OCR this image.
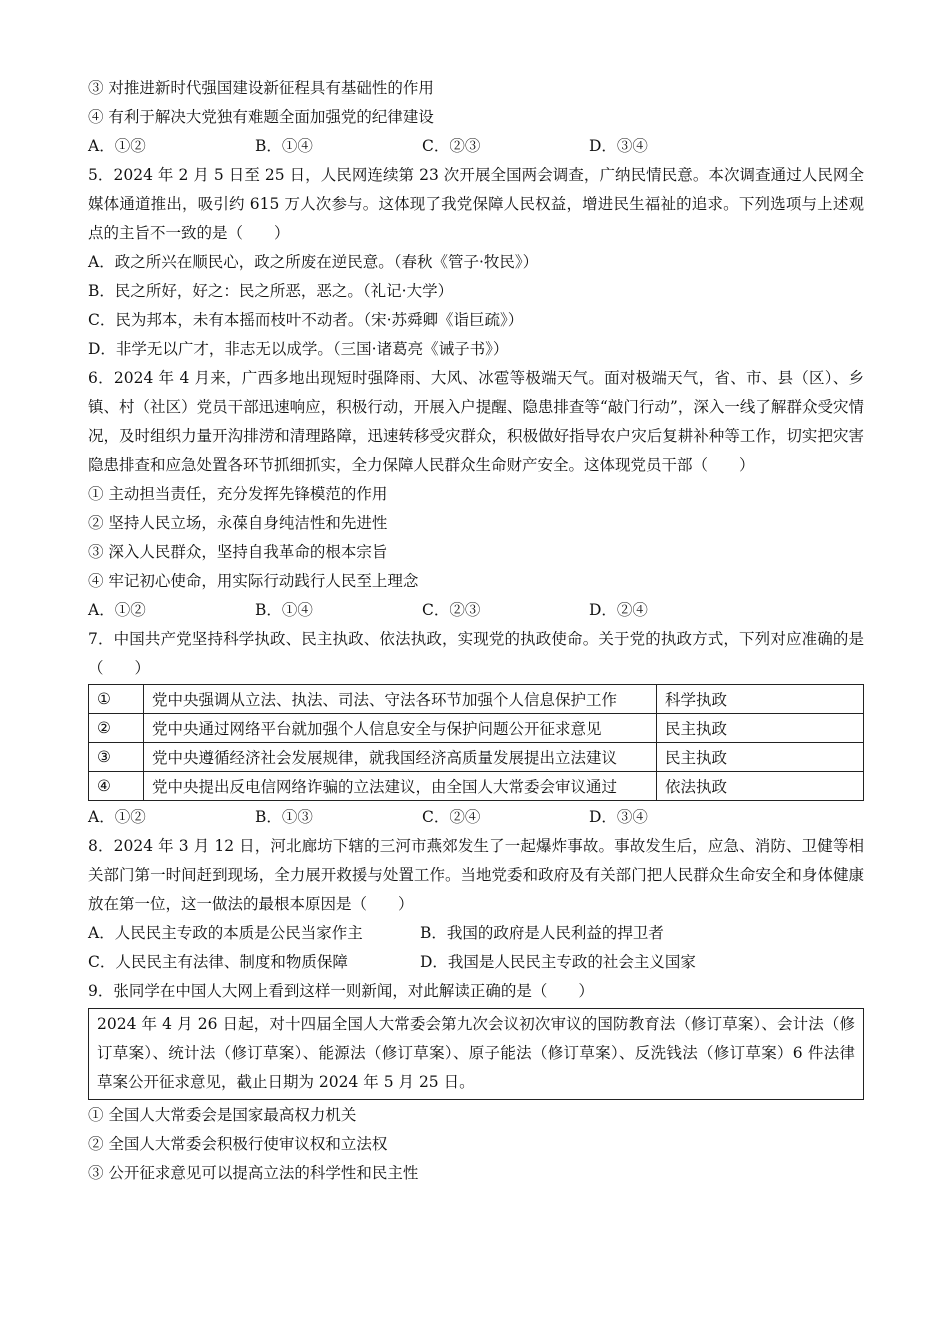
③ 对推进新时代强国建设新征程具有基础性的作用
④ 有利于解决大党独有难题全面加强党的纪律建设
A．①②	B．①④	C．②③	D．③④
5．2024 年 2 月 5 日至 25 日，人民网连续第 23 次开展全国两会调查，广纳民情民意。本次调查通过人民网全媒体通道推出，吸引约 615 万人次参与。这体现了我党保障人民权益，增进民生福祉的追求。下列选项与上述观点的主旨不一致的是（　　）
A．政之所兴在顺民心，政之所废在逆民意。（春秋《管子·牧民》）
B．民之所好，好之：民之所恶，恶之。（礼记·大学）
C．民为邦本，未有本摇而枝叶不动者。（宋·苏舜卿《诣巨疏》）
D．非学无以广才，非志无以成学。（三国·诸葛亮《诫子书》）
6．2024 年 4 月来，广西多地出现短时强降雨、大风、冰雹等极端天气。面对极端天气，省、市、县（区）、乡镇、村（社区）党员干部迅速响应，积极行动，开展入户提醒、隐患排查等“敲门行动”，深入一线了解群众受灾情况，及时组织力量开沟排涝和清理路障，迅速转移受灾群众，积极做好指导农户灾后复耕补种等工作，切实把灾害隐患排查和应急处置各环节抓细抓实，全力保障人民群众生命财产安全。这体现党员干部（　　）
① 主动担当责任，充分发挥先锋模范的作用
② 坚持人民立场，永葆自身纯洁性和先进性
③ 深入人民群众，坚持自我革命的根本宗旨
④ 牢记初心使命，用实际行动践行人民至上理念
A．①②	B．①④	C．②③	D．②④
7．中国共产党坚持科学执政、民主执政、依法执政，实现党的执政使命。关于党的执政方式，下列对应准确的是（　　）
①	党中央强调从立法、执法、司法、守法各环节加强个人信息保护工作	科学执政
②	党中央通过网络平台就加强个人信息安全与保护问题公开征求意见	民主执政
③	党中央遵循经济社会发展规律，就我国经济高质量发展提出立法建议	民主执政
④	党中央提出反电信网络诈骗的立法建议，由全国人大常委会审议通过	依法执政
A．①②	B．①③	C．②④	D．③④
8．2024 年 3 月 12 日，河北廊坊下辖的三河市燕郊发生了一起爆炸事故。事故发生后，应急、消防、卫健等相关部门第一时间赶到现场，全力展开救援与处置工作。当地党委和政府及有关部门把人民群众生命安全和身体健康放在第一位，这一做法的最根本原因是（　　）
A．人民民主专政的本质是公民当家作主	B．我国的政府是人民利益的捍卫者
C．人民民主有法律、制度和物质保障	D．我国是人民民主专政的社会主义国家
9．张同学在中国人大网上看到这样一则新闻，对此解读正确的是（　　）
2024 年 4 月 26 日起，对十四届全国人大常委会第九次会议初次审议的国防教育法（修订草案）、会计法（修订草案）、统计法（修订草案）、能源法（修订草案）、原子能法（修订草案）、反洗钱法（修订草案）6 件法律草案公开征求意见，截止日期为 2024 年 5 月 25 日。
① 全国人大常委会是国家最高权力机关
② 全国人大常委会积极行使审议权和立法权
③ 公开征求意见可以提高立法的科学性和民主性
